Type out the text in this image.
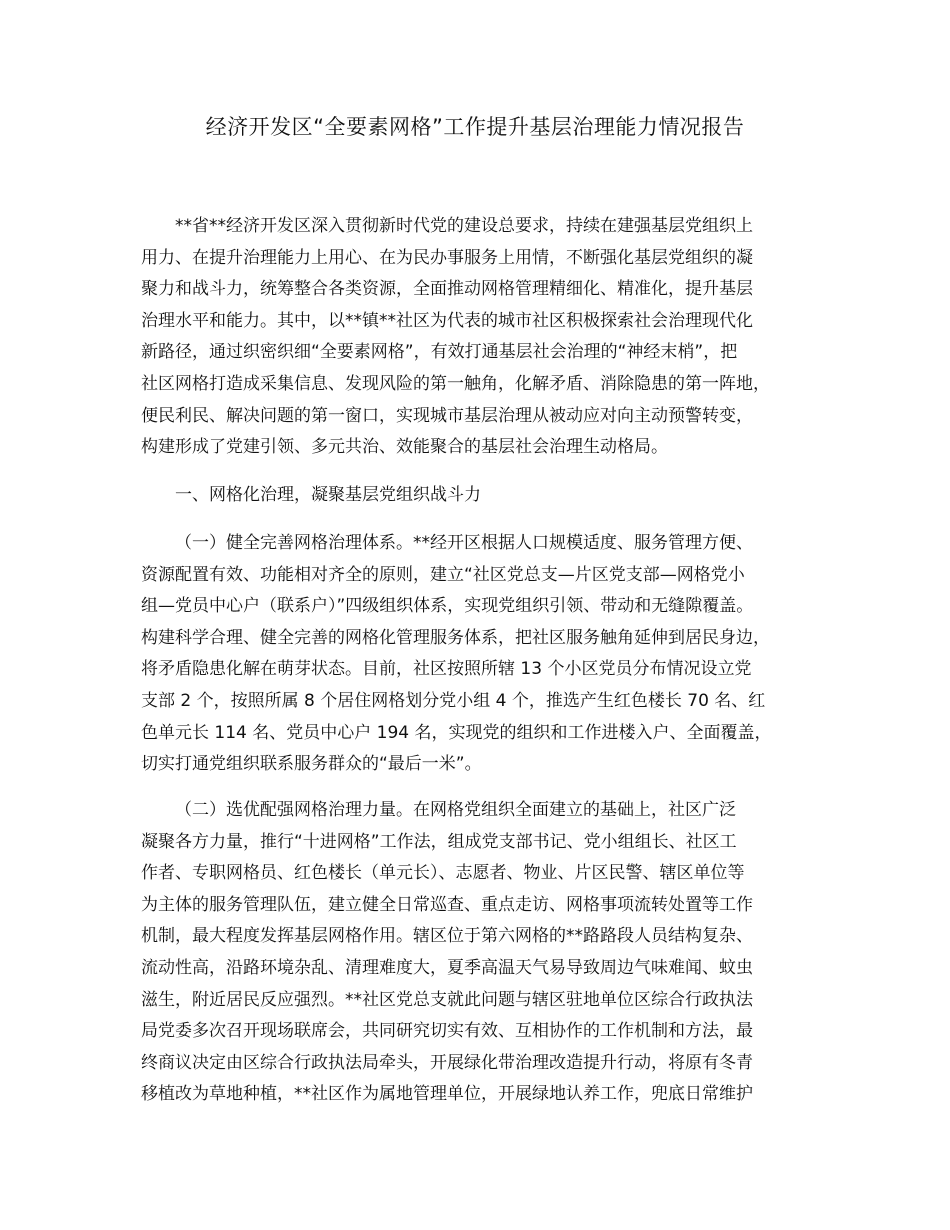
经济开发区“全要素网格”工作提升基层治理能力情况报告
**省**经济开发区深入贯彻新时代党的建设总要求，持续在建强基层党组织上
用力、在提升治理能力上用心、在为民办事服务上用情，不断强化基层党组织的凝
聚力和战斗力，统筹整合各类资源，全面推动网格管理精细化、精准化，提升基层
治理水平和能力。其中，以**镇**社区为代表的城市社区积极探索社会治理现代化
新路径，通过织密织细“全要素网格”，有效打通基层社会治理的“神经末梢”，把
社区网格打造成采集信息、发现风险的第一触角，化解矛盾、消除隐患的第一阵地，
便民利民、解决问题的第一窗口，实现城市基层治理从被动应对向主动预警转变，
构建形成了党建引领、多元共治、效能聚合的基层社会治理生动格局。
一、网格化治理，凝聚基层党组织战斗力
（一）健全完善网格治理体系。**经开区根据人口规模适度、服务管理方便、
资源配置有效、功能相对齐全的原则，建立“社区党总支—片区党支部—网格党小
组—党员中心户（联系户）”四级组织体系，实现党组织引领、带动和无缝隙覆盖。
构建科学合理、健全完善的网格化管理服务体系，把社区服务触角延伸到居民身边，
将矛盾隐患化解在萌芽状态。目前，社区按照所辖 13 个小区党员分布情况设立党
支部 2 个，按照所属 8 个居住网格划分党小组 4 个，推选产生红色楼长 70 名、红
色单元长 114 名、党员中心户 194 名，实现党的组织和工作进楼入户、全面覆盖，
切实打通党组织联系服务群众的“最后一米”。
（二）选优配强网格治理力量。在网格党组织全面建立的基础上，社区广泛
凝聚各方力量，推行“十进网格”工作法，组成党支部书记、党小组组长、社区工
作者、专职网格员、红色楼长（单元长）、志愿者、物业、片区民警、辖区单位等
为主体的服务管理队伍，建立健全日常巡查、重点走访、网格事项流转处置等工作
机制，最大程度发挥基层网格作用。辖区位于第六网格的**路路段人员结构复杂、
流动性高，沿路环境杂乱、清理难度大，夏季高温天气易导致周边气味难闻、蚊虫
滋生，附近居民反应强烈。**社区党总支就此问题与辖区驻地单位区综合行政执法
局党委多次召开现场联席会，共同研究切实有效、互相协作的工作机制和方法，最
终商议决定由区综合行政执法局牵头，开展绿化带治理改造提升行动，将原有冬青
移植改为草地种植，**社区作为属地管理单位，开展绿地认养工作，兜底日常维护
